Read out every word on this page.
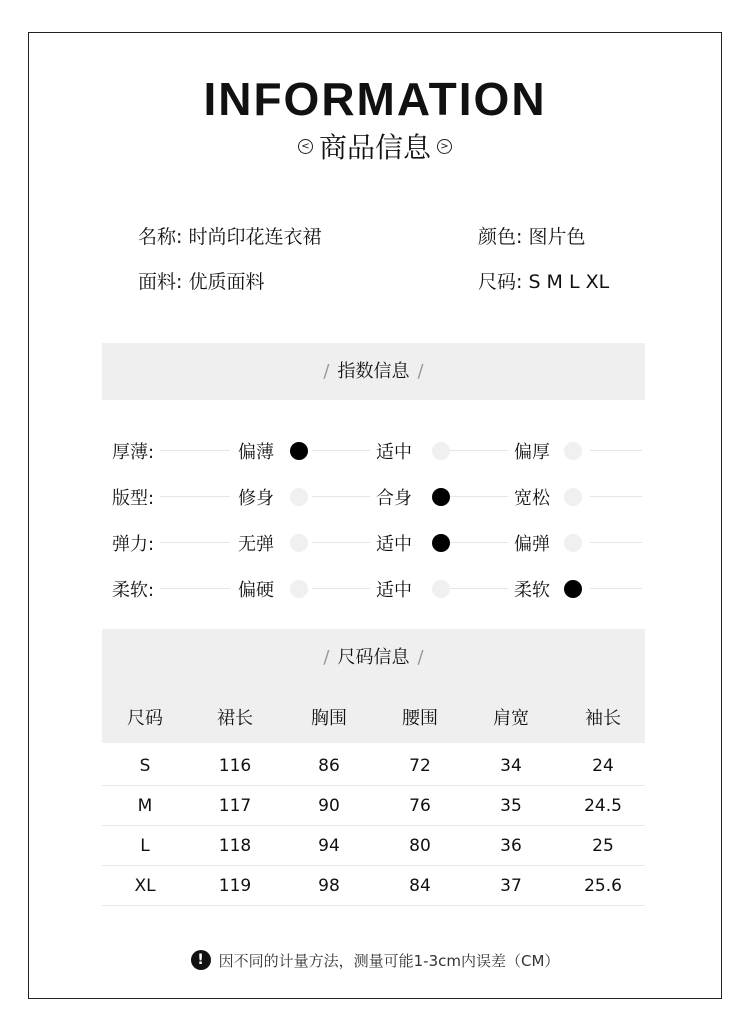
INFORMATION
< 商品信息 >
名称: 时尚印花连衣裙	颜色: 图片色
面料: 优质面料	尺码: S M L XL
/ 指数信息 /
厚薄:	偏薄	适中	偏厚
版型:	修身	合身	宽松
弹力:	无弹	适中	偏弹
柔软:	偏硬	适中	柔软
/ 尺码信息 /
尺码	裙长	胸围	腰围	肩宽	袖长
S	116	86	72	34	24
M	117	90	76	35	24.5
L	118	94	80	36	25
XL	119	98	84	37	25.6
! 因不同的计量方法，测量可能1-3cm内误差（CM）
